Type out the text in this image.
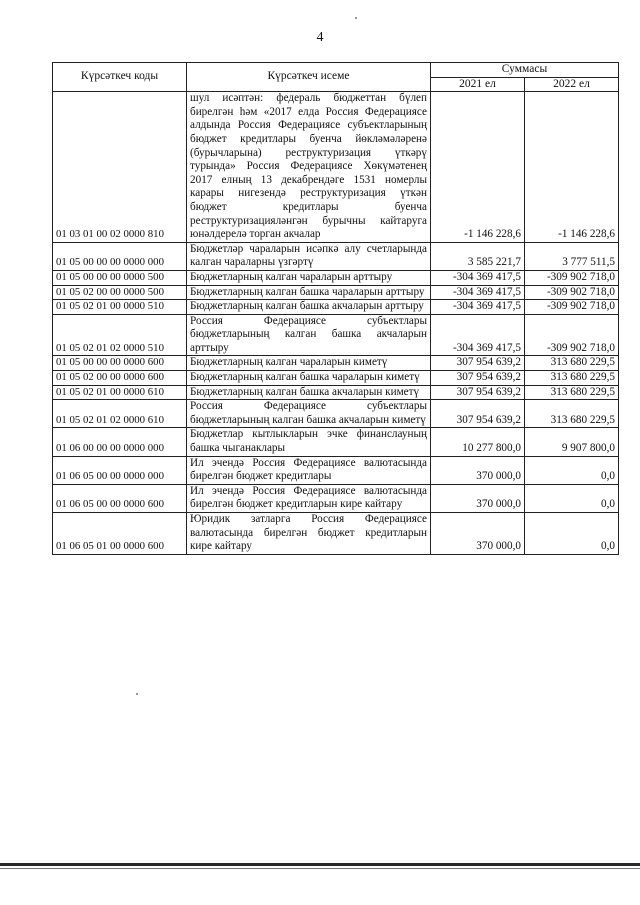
4
Күрсәткеч коды	Күрсәткеч исеме	Суммасы	
		2021 ел	2022 ел
01 03 01 00 02 0000 810	шул исәптән: федераль бюджеттан бүлеп бирелгән һәм «2017 елда Россия Федерациясе алдында Россия Федерациясе субъектларының бюджет кредитлары буенча йөкләмәләренә (бурычларына) реструктуризация үткәрү турында» Россия Федерациясе Хөкүмәтенең 2017 елның 13 декабрендәге 1531 номерлы карары нигезендә реструктуризация үткән бюджет кредитлары буенча реструктуризацияләнгән бурычны кайтаруга юнәлдерелә торган акчалар	-1 146 228,6	-1 146 228,6
01 05 00 00 00 0000 000	Бюджетләр чараларын исәпкә алу счетларында калган чараларны үзгәртү	3 585 221,7	3 777 511,5
01 05 00 00 00 0000 500	Бюджетларның калган чараларын арттыру	-304 369 417,5	-309 902 718,0
01 05 02 00 00 0000 500	Бюджетларның калган башка чараларын арттыру	-304 369 417,5	-309 902 718,0
01 05 02 01 00 0000 510	Бюджетларның калган башка акчаларын арттыру	-304 369 417,5	-309 902 718,0
01 05 02 01 02 0000 510	Россия Федерациясе субъектлары бюджетларының калган башка акчаларын арттыру	-304 369 417,5	-309 902 718,0
01 05 00 00 00 0000 600	Бюджетларның калган чараларын киметү	307 954 639,2	313 680 229,5
01 05 02 00 00 0000 600	Бюджетларның калган башка чараларын киметү	307 954 639,2	313 680 229,5
01 05 02 01 00 0000 610	Бюджетларның калган башка акчаларын киметү	307 954 639,2	313 680 229,5
01 05 02 01 02 0000 610	Россия Федерациясе субъектлары бюджетларының калган башка акчаларын киметү	307 954 639,2	313 680 229,5
01 06 00 00 00 0000 000	Бюджетлар кытлыкларын эчке финанслауның башка чыганаклары	10 277 800,0	9 907 800,0
01 06 05 00 00 0000 000	Ил эчендә Россия Федерациясе валютасында бирелгән бюджет кредитлары	370 000,0	0,0
01 06 05 00 00 0000 600	Ил эчендә Россия Федерациясе валютасында бирелгән бюджет кредитларын кире кайтару	370 000,0	0,0
01 06 05 01 00 0000 600	Юридик затларга Россия Федерациясе валютасында бирелгән бюджет кредитларын кире кайтару	370 000,0	0,0
